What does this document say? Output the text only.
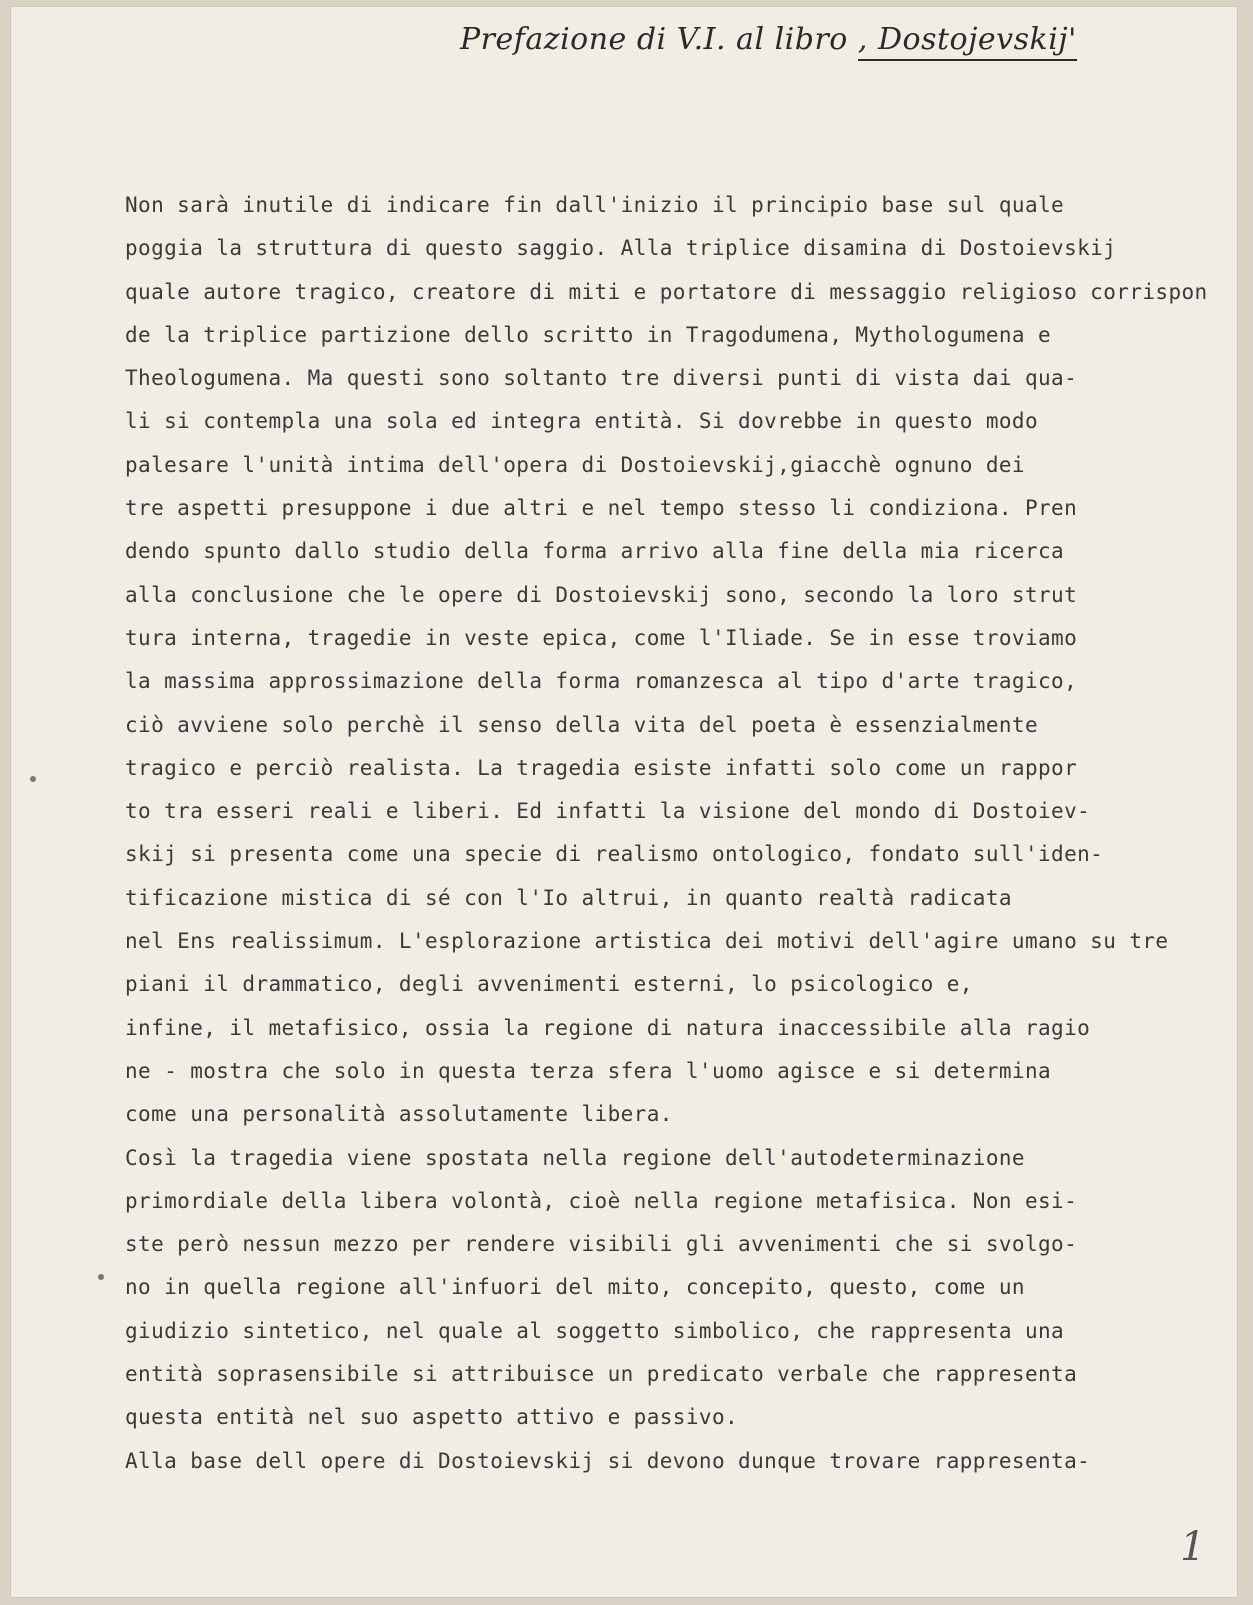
Prefazione di V.I. al libro , Dostojevskij'
Non sarà inutile di indicare fin dall'inizio il principio base sul quale
poggia la struttura di questo saggio. Alla triplice disamina di Dostoievskij
quale autore tragico, creatore di miti e portatore di messaggio religioso corrispon
de la triplice partizione dello scritto in Tragodumena, Mythologumena e
Theologumena. Ma questi sono soltanto tre diversi punti di vista dai qua-
li si contempla una sola ed integra entità. Si dovrebbe in questo modo
palesare l'unità intima dell'opera di Dostoievskij,giacchè ognuno dei
tre aspetti presuppone i due altri e nel tempo stesso li condiziona. Pren
dendo spunto dallo studio della forma arrivo alla fine della mia ricerca
alla conclusione che le opere di Dostoievskij sono, secondo la loro strut
tura interna, tragedie in veste epica, come l'Iliade. Se in esse troviamo
la massima approssimazione della forma romanzesca al tipo d'arte tragico,
ciò avviene solo perchè il senso della vita del poeta è essenzialmente
tragico e perciò realista. La tragedia esiste infatti solo come un rappor
to tra esseri reali e liberi. Ed infatti la visione del mondo di Dostoiev-
skij si presenta come una specie di realismo ontologico, fondato sull'iden-
tificazione mistica di sé con l'Io altrui, in quanto realtà radicata
nel Ens realissimum. L'esplorazione artistica dei motivi dell'agire umano su tre
piani il drammatico, degli avvenimenti esterni, lo psicologico e,
infine, il metafisico, ossia la regione di natura inaccessibile alla ragio
ne - mostra che solo in questa terza sfera l'uomo agisce e si determina
come una personalità assolutamente libera.
Così la tragedia viene spostata nella regione dell'autodeterminazione
primordiale della libera volontà, cioè nella regione metafisica. Non esi-
ste però nessun mezzo per rendere visibili gli avvenimenti che si svolgo-
no in quella regione all'infuori del mito, concepito, questo, come un
giudizio sintetico, nel quale al soggetto simbolico, che rappresenta una
entità soprasensibile si attribuisce un predicato verbale che rappresenta
questa entità nel suo aspetto attivo e passivo.
Alla base dell opere di Dostoievskij si devono dunque trovare rappresenta-
1
